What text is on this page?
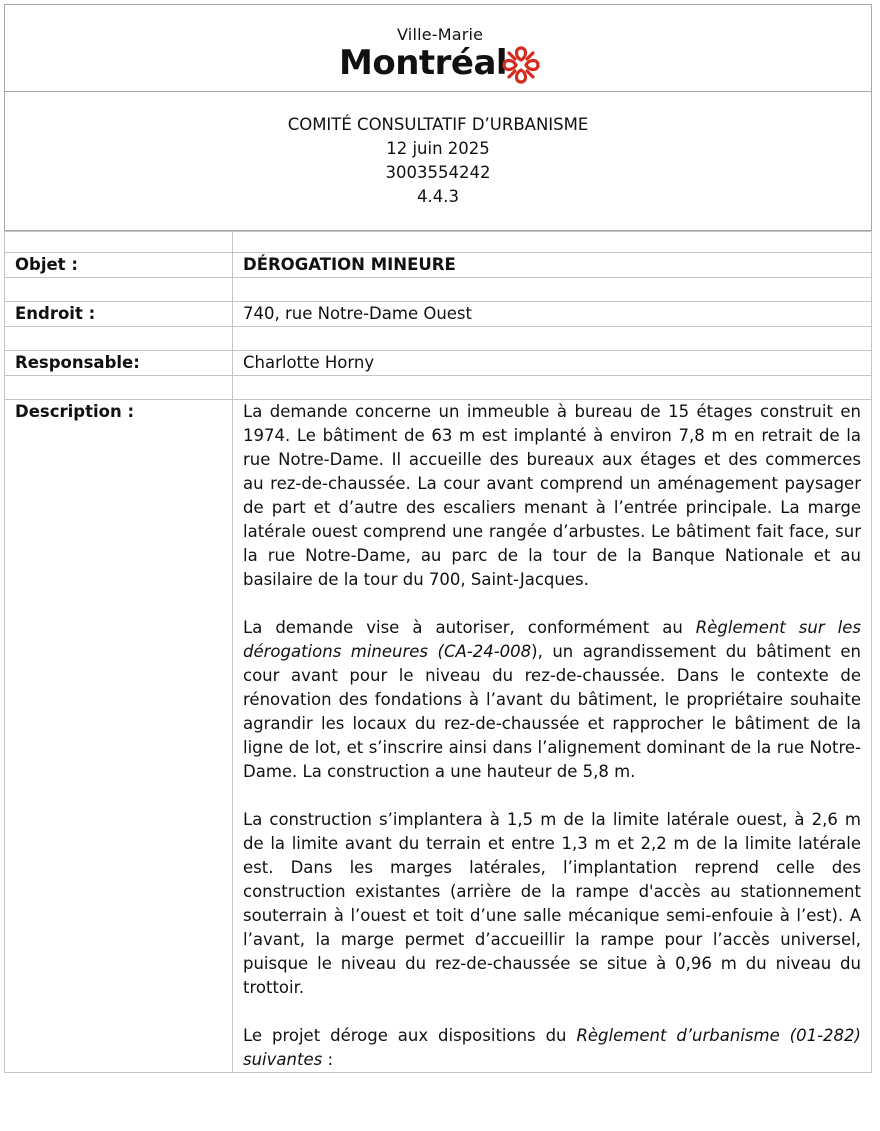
Ville-Marie
Montréal
COMITÉ CONSULTATIF D’URBANISME
12 juin 2025
3003554242
4.4.3

Objet :	DÉROGATION MINEURE

Endroit :	740, rue Notre-Dame Ouest

Responsable:	Charlotte Horny

Description :	La demande concerne un immeuble à bureau de 15 étages construit en 1974. Le bâtiment de 63 m est implanté à environ 7,8 m en retrait de la rue Notre-Dame. Il accueille des bureaux aux étages et des commerces au rez-de-chaussée. La cour avant comprend un aménagement paysager de part et d’autre des escaliers menant à l’entrée principale. La marge latérale ouest comprend une rangée d’arbustes. Le bâtiment fait face, sur la rue Notre-Dame, au parc de la tour de la Banque Nationale et au basilaire de la tour du 700, Saint-Jacques.

La demande vise à autoriser, conformément au Règlement sur les dérogations mineures (CA-24-008), un agrandissement du bâtiment en cour avant pour le niveau du rez-de-chaussée. Dans le contexte de rénovation des fondations à l’avant du bâtiment, le propriétaire souhaite agrandir les locaux du rez-de-chaussée et rapprocher le bâtiment de la ligne de lot, et s’inscrire ainsi dans l’alignement dominant de la rue Notre-Dame. La construction a une hauteur de 5,8 m.

La construction s’implantera à 1,5 m de la limite latérale ouest, à 2,6 m de la limite avant du terrain et entre 1,3 m et 2,2 m de la limite latérale est. Dans les marges latérales, l’implantation reprend celle des construction existantes (arrière de la rampe d'accès au stationnement souterrain à l’ouest et toit d’une salle mécanique semi-enfouie à l’est). A l’avant, la marge permet d’accueillir la rampe pour l’accès universel, puisque le niveau du rez-de-chaussée se situe à 0,96 m du niveau du trottoir.

Le projet déroge aux dispositions du Règlement d’urbanisme (01-282) suivantes :
